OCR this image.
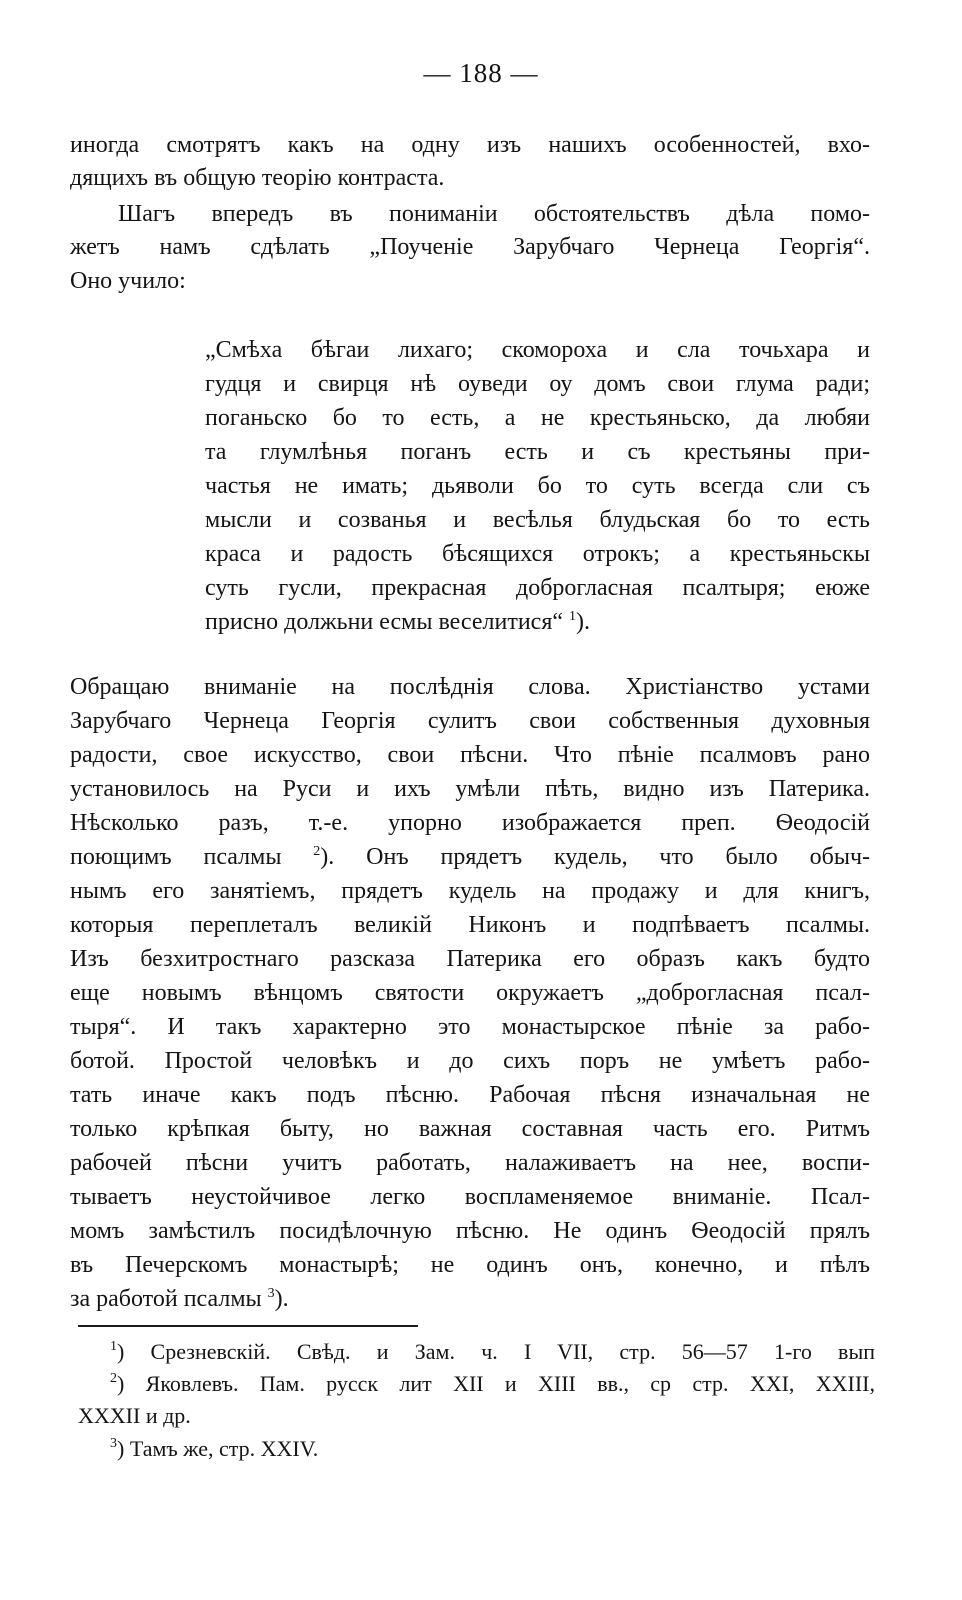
— 188 —
иногда смотрятъ какъ на одну изъ нашихъ особенностей, вхо-
дящихъ въ общую теорію контраста.
Шагъ впередъ въ пониманіи обстоятельствъ дѣла помо-
жетъ намъ сдѣлать „Поученіе Зарубчаго Чернеца Георгія“.
Оно учило:
„Смѣха бѣгаи лихаго; скомороха и сла точьхара и
гудця и свирця нѣ оуведи оу домъ свои глума ради;
поганьско бо то есть, а не крестьяньско, да любяи
та глумлѣнья поганъ есть и съ крестьяны при-
частья не имать; дьяволи бо то суть всегда сли съ
мысли и созванья и весѣлья блудьская бо то есть
краса и радость бѣсящихся отрокъ; а крестьяньскы
суть гусли, прекрасная доброгласная псалтыря; еюже
присно должьни есмы веселитися“ $^1$).
Обращаю вниманіе на послѣднія слова. Христіанство устами
Зарубчаго Чернеца Георгія сулитъ свои собственныя духовныя
радости, свое искусство, свои пѣсни. Что пѣніе псалмовъ рано
установилось на Руси и ихъ умѣли пѣть, видно изъ Патерика.
Нѣсколько разъ, т.-е. упорно изображается преп. Ѳеодосій
поющимъ псалмы $^2$). Онъ прядетъ кудель, что было обыч-
нымъ его занятіемъ, прядетъ кудель на продажу и для книгъ,
которыя переплеталъ великій Никонъ и подпѣваетъ псалмы.
Изъ безхитростнаго разсказа Патерика его образъ какъ будто
еще новымъ вѣнцомъ святости окружаетъ „доброгласная псал-
тыря“. И такъ характерно это монастырское пѣніе за рабо-
ботой. Простой человѣкъ и до сихъ поръ не умѣетъ рабо-
тать иначе какъ подъ пѣсню. Рабочая пѣсня изначальная не
только крѣпкая быту, но важная составная часть его. Ритмъ
рабочей пѣсни учитъ работать, налаживаетъ на нее, воспи-
тываетъ неустойчивое легко воспламеняемое вниманіе. Псал-
момъ замѣстилъ посидѣлочную пѣсню. Не одинъ Ѳеодосій прялъ
въ Печерскомъ монастырѣ; не одинъ онъ, конечно, и пѣлъ
за работой псалмы $^3$).
$^1$) Срезневскій. Свѣд. и Зам. ч. I VII, стр. 56—57 1-го вып
$^2$) Яковлевъ. Пам. русск лит XII и XIII вв., ср стр. XXI, XXIII,
XXXII и др.
$^3$) Тамъ же, стр. XXIV.
